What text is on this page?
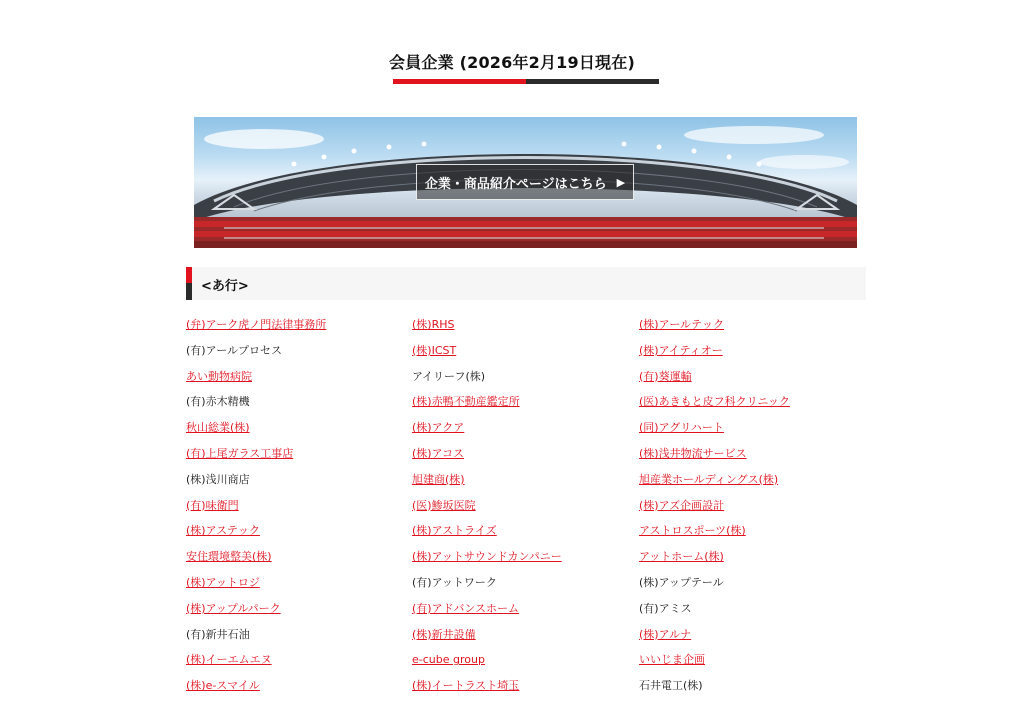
会員企業 (2026年2月19日現在)
企業・商品紹介ページはこちら ▶
<あ行>
(弁)アーク虎ノ門法律事務所	(株)RHS	(株)アールテック
(有)アールプロセス	(株)ICST	(株)アイティオー
あい動物病院	アイリーフ(株)	(有)葵運輸
(有)赤木精機	(株)赤鴨不動産鑑定所	(医)あきもと皮フ科クリニック
秋山総業(株)	(株)アクア	(同)アグリハート
(有)上尾ガラス工事店	(株)アコス	(株)浅井物流サービス
(株)浅川商店	旭建商(株)	旭産業ホールディングス(株)
(有)味衛門	(医)鯵坂医院	(株)アズ企画設計
(株)アステック	(株)アストライズ	アストロスポーツ(株)
安住環境整美(株)	(株)アットサウンドカンパニー	アットホーム(株)
(株)アットロジ	(有)アットワーク	(株)アップテール
(株)アップルパーク	(有)アドバンスホーム	(有)アミス
(有)新井石油	(株)新井設備	(株)アルナ
(株)イーエムエヌ	e-cube group	いいじま企画
(株)e-スマイル	(株)イートラスト埼玉	石井電工(株)
